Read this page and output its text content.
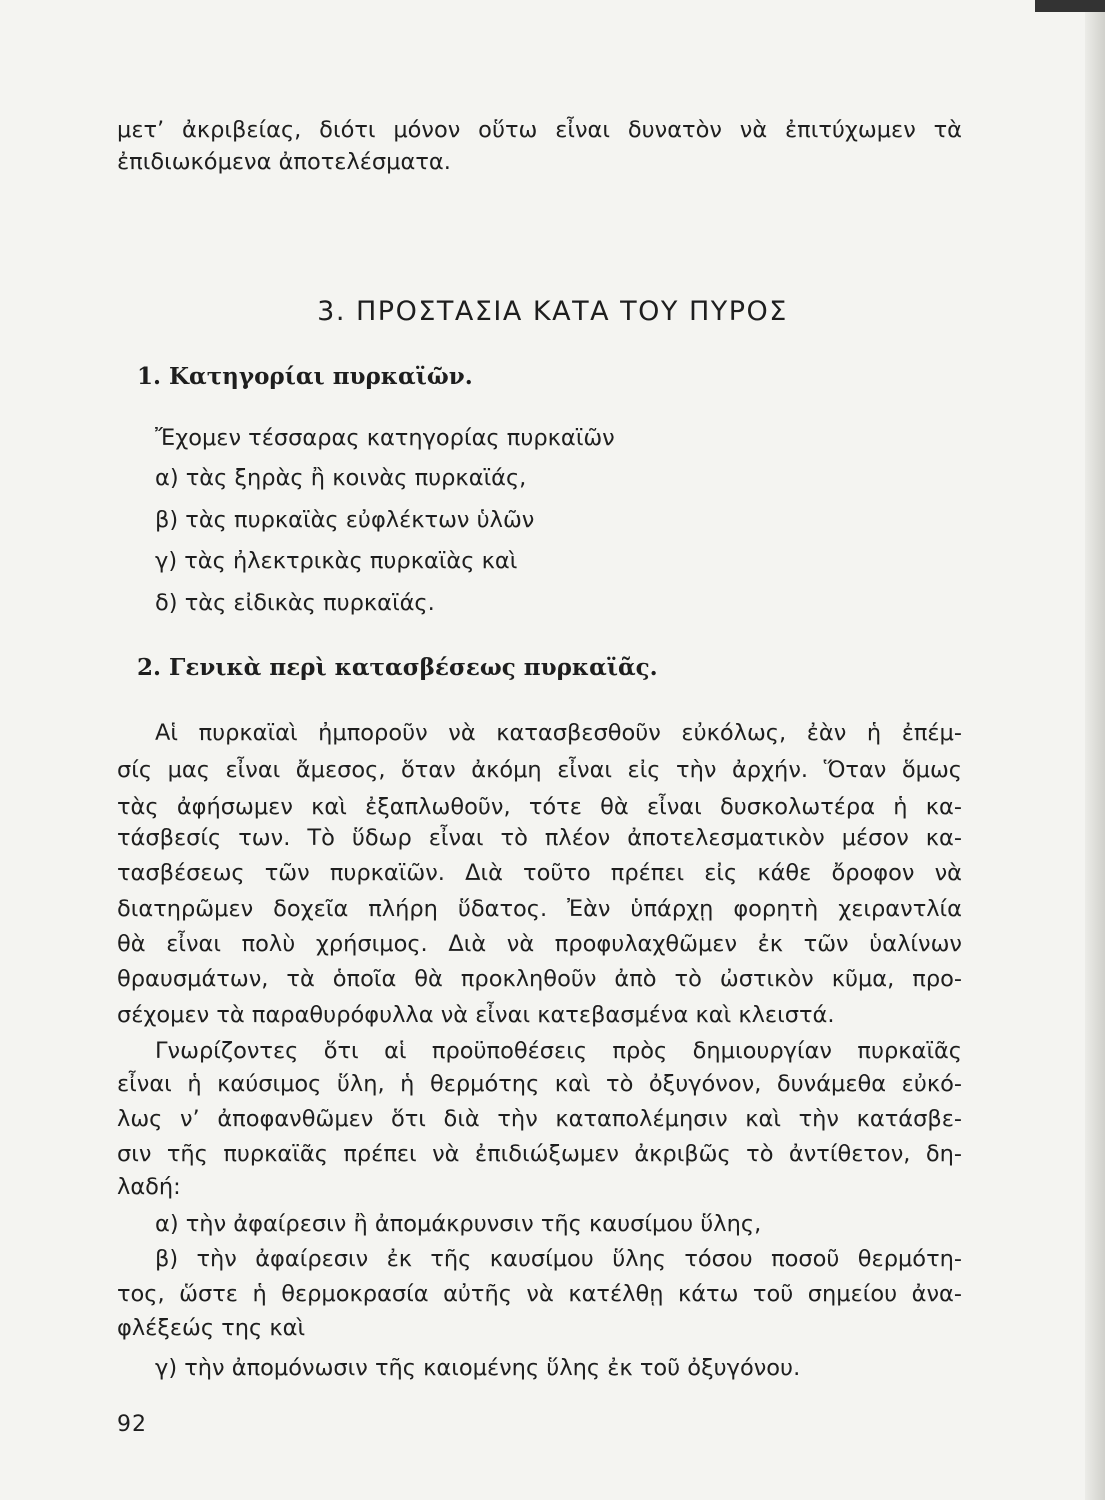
μετ’ ἀκριβείας, διότι μόνον οὕτω εἶναι δυνατὸν νὰ ἐπιτύχωμεν τὰ
ἐπιδιωκόμενα ἀποτελέσματα.
1. Κατηγορίαι πυρκαϊῶν.
Ἔχομεν τέσσαρας κατηγορίας πυρκαϊῶν
α) τὰς ξηρὰς ἢ κοινὰς πυρκαϊάς,
β) τὰς πυρκαϊὰς εὐφλέκτων ὑλῶν
γ) τὰς ἠλεκτρικὰς πυρκαϊὰς καὶ
δ) τὰς εἰδικὰς πυρκαϊάς.
2. Γενικὰ περὶ κατασβέσεως πυρκαϊᾶς.
Αἱ πυρκαϊαὶ ἠμποροῦν νὰ κατασβεσθοῦν εὐκόλως, ἐὰν ἡ ἐπέμ-
σίς μας εἶναι ἄμεσος, ὅταν ἀκόμη εἶναι εἰς τὴν ἀρχήν. Ὅταν ὅμως
τὰς ἀφήσωμεν καὶ ἐξαπλωθοῦν, τότε θὰ εἶναι δυσκολωτέρα ἡ κα-
τάσβεσίς των. Τὸ ὕδωρ εἶναι τὸ πλέον ἀποτελεσματικὸν μέσον κα-
τασβέσεως τῶν πυρκαϊῶν. Διὰ τοῦτο πρέπει εἰς κάθε ὄροφον νὰ
διατηρῶμεν δοχεῖα πλήρη ὕδατος. Ἐὰν ὑπάρχῃ φορητὴ χειραντλία
θὰ εἶναι πολὺ χρήσιμος. Διὰ νὰ προφυλαχθῶμεν ἐκ τῶν ὑαλίνων
θραυσμάτων, τὰ ὁποῖα θὰ προκληθοῦν ἀπὸ τὸ ὠστικὸν κῦμα, προ-
σέχομεν τὰ παραθυρόφυλλα νὰ εἶναι κατεβασμένα καὶ κλειστά.
Γνωρίζοντες ὅτι αἱ προϋποθέσεις πρὸς δημιουργίαν πυρκαϊᾶς
εἶναι ἡ καύσιμος ὕλη, ἡ θερμότης καὶ τὸ ὀξυγόνον, δυνάμεθα εὐκό-
λως ν’ ἀποφανθῶμεν ὅτι διὰ τὴν καταπολέμησιν καὶ τὴν κατάσβε-
σιν τῆς πυρκαϊᾶς πρέπει νὰ ἐπιδιώξωμεν ἀκριβῶς τὸ ἀντίθετον, δη-
λαδή:
α) τὴν ἀφαίρεσιν ἢ ἀπομάκρυνσιν τῆς καυσίμου ὕλης,
β) τὴν ἀφαίρεσιν ἐκ τῆς καυσίμου ὕλης τόσου ποσοῦ θερμότη-
τος, ὥστε ἡ θερμοκρασία αὐτῆς νὰ κατέλθῃ κάτω τοῦ σημείου ἀνα-
φλέξεώς της καὶ
γ) τὴν ἀπομόνωσιν τῆς καιομένης ὕλης ἐκ τοῦ ὀξυγόνου.
3. ΠΡΟΣΤΑΣΙΑ ΚΑΤΑ ΤΟΥ ΠΥΡΟΣ
92
